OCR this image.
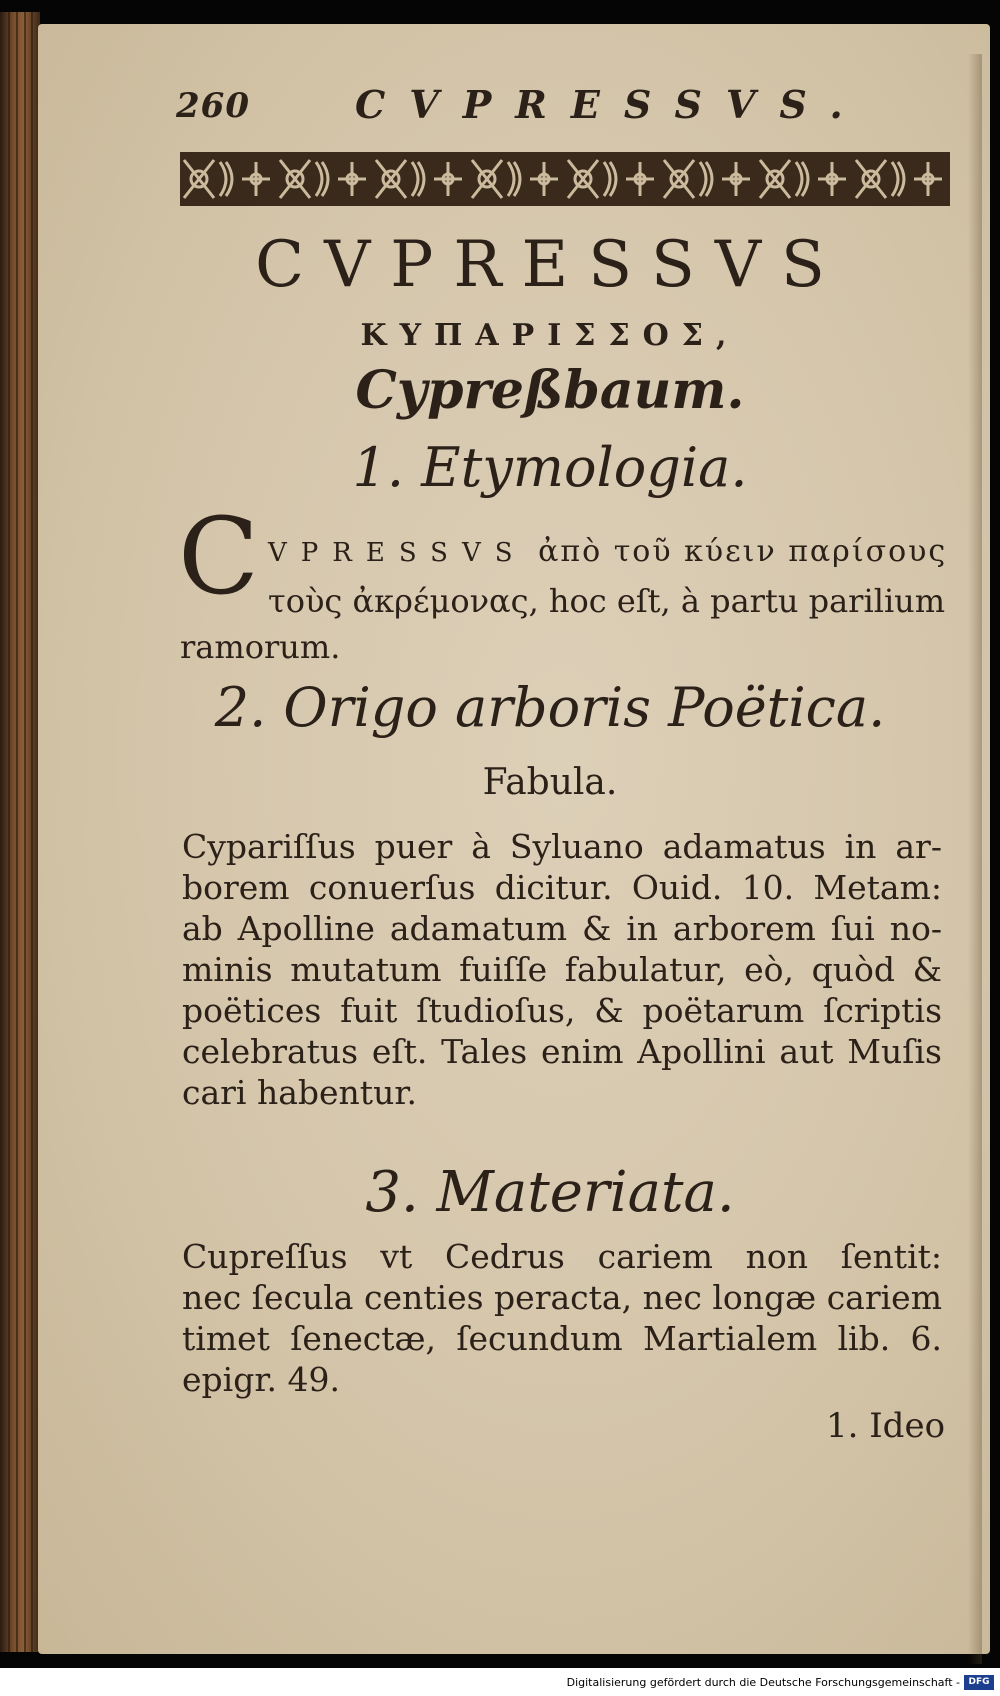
260	CVPRESSVS.
CVPRESSVS
ΚΥΠΑΡΙΣΣΟΣ,
Cypreßbaum.
1. Etymologia.
C VPRESSVS ἀπὸ τοῦ κύειν παρίσους
τοὺς ἀκρέμονας, hoc eſt, à partu parilium
ramorum.
2. Origo arboris Poëtica.
Fabula.
Cypariſſus puer à Syluano adamatus in ar-
borem conuerſus dicitur. Ouid. 10. Metam:
ab Apolline adamatum & in arborem ſui no-
minis mutatum fuiſſe fabulatur, eò, quòd &
poëtices fuit ſtudioſus, & poëtarum ſcriptis
celebratus eſt. Tales enim Apollini aut Muſis
cari habentur.
3. Materiata.
Cupreſſus vt Cedrus cariem non ſentit:
nec ſecula centies peracta, nec longæ cariem
timet ſenectæ, ſecundum Martialem lib. 6.
epigr. 49.
1. Ideo
Digitalisierung gefördert durch die Deutsche Forschungsgemeinschaft - DFG
